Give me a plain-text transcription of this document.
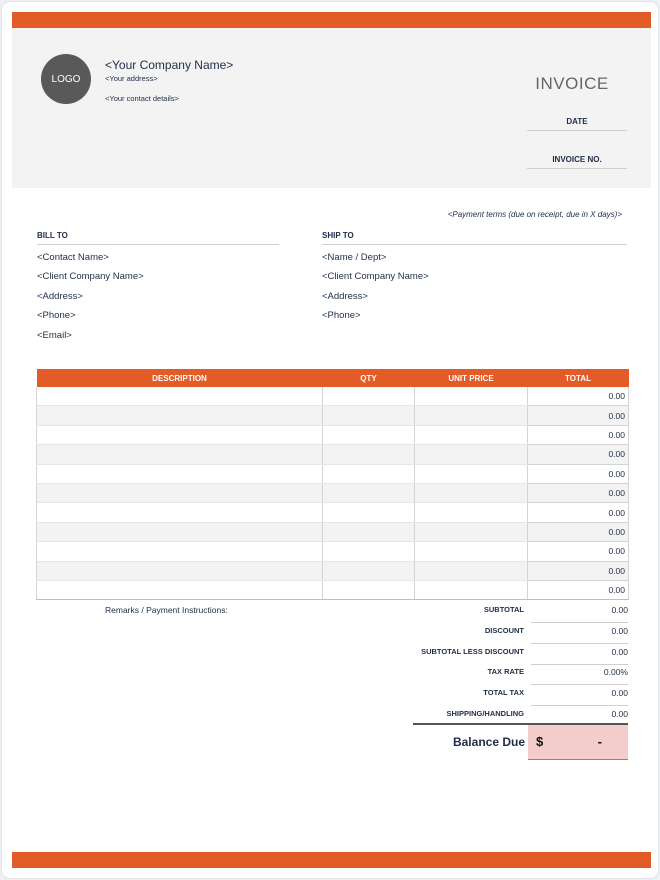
LOGO
<Your Company Name>
<Your address>
<Your contact details>
INVOICE
DATE
INVOICE NO.
<Payment terms (due on receipt, due in X days)>
BILL TO
<Contact Name>
<Client Company Name>
<Address>
<Phone>
<Email>
SHIP TO
<Name / Dept>
<Client Company Name>
<Address>
<Phone>
DESCRIPTION	QTY	UNIT PRICE	TOTAL
			0.00
			0.00
			0.00
			0.00
			0.00
			0.00
			0.00
			0.00
			0.00
			0.00
			0.00
Remarks / Payment Instructions:	SUBTOTAL	0.00
DISCOUNT	0.00
SUBTOTAL LESS DISCOUNT	0.00
TAX RATE	0.00%
TOTAL TAX	0.00
SHIPPING/HANDLING	0.00
Balance Due $	-
